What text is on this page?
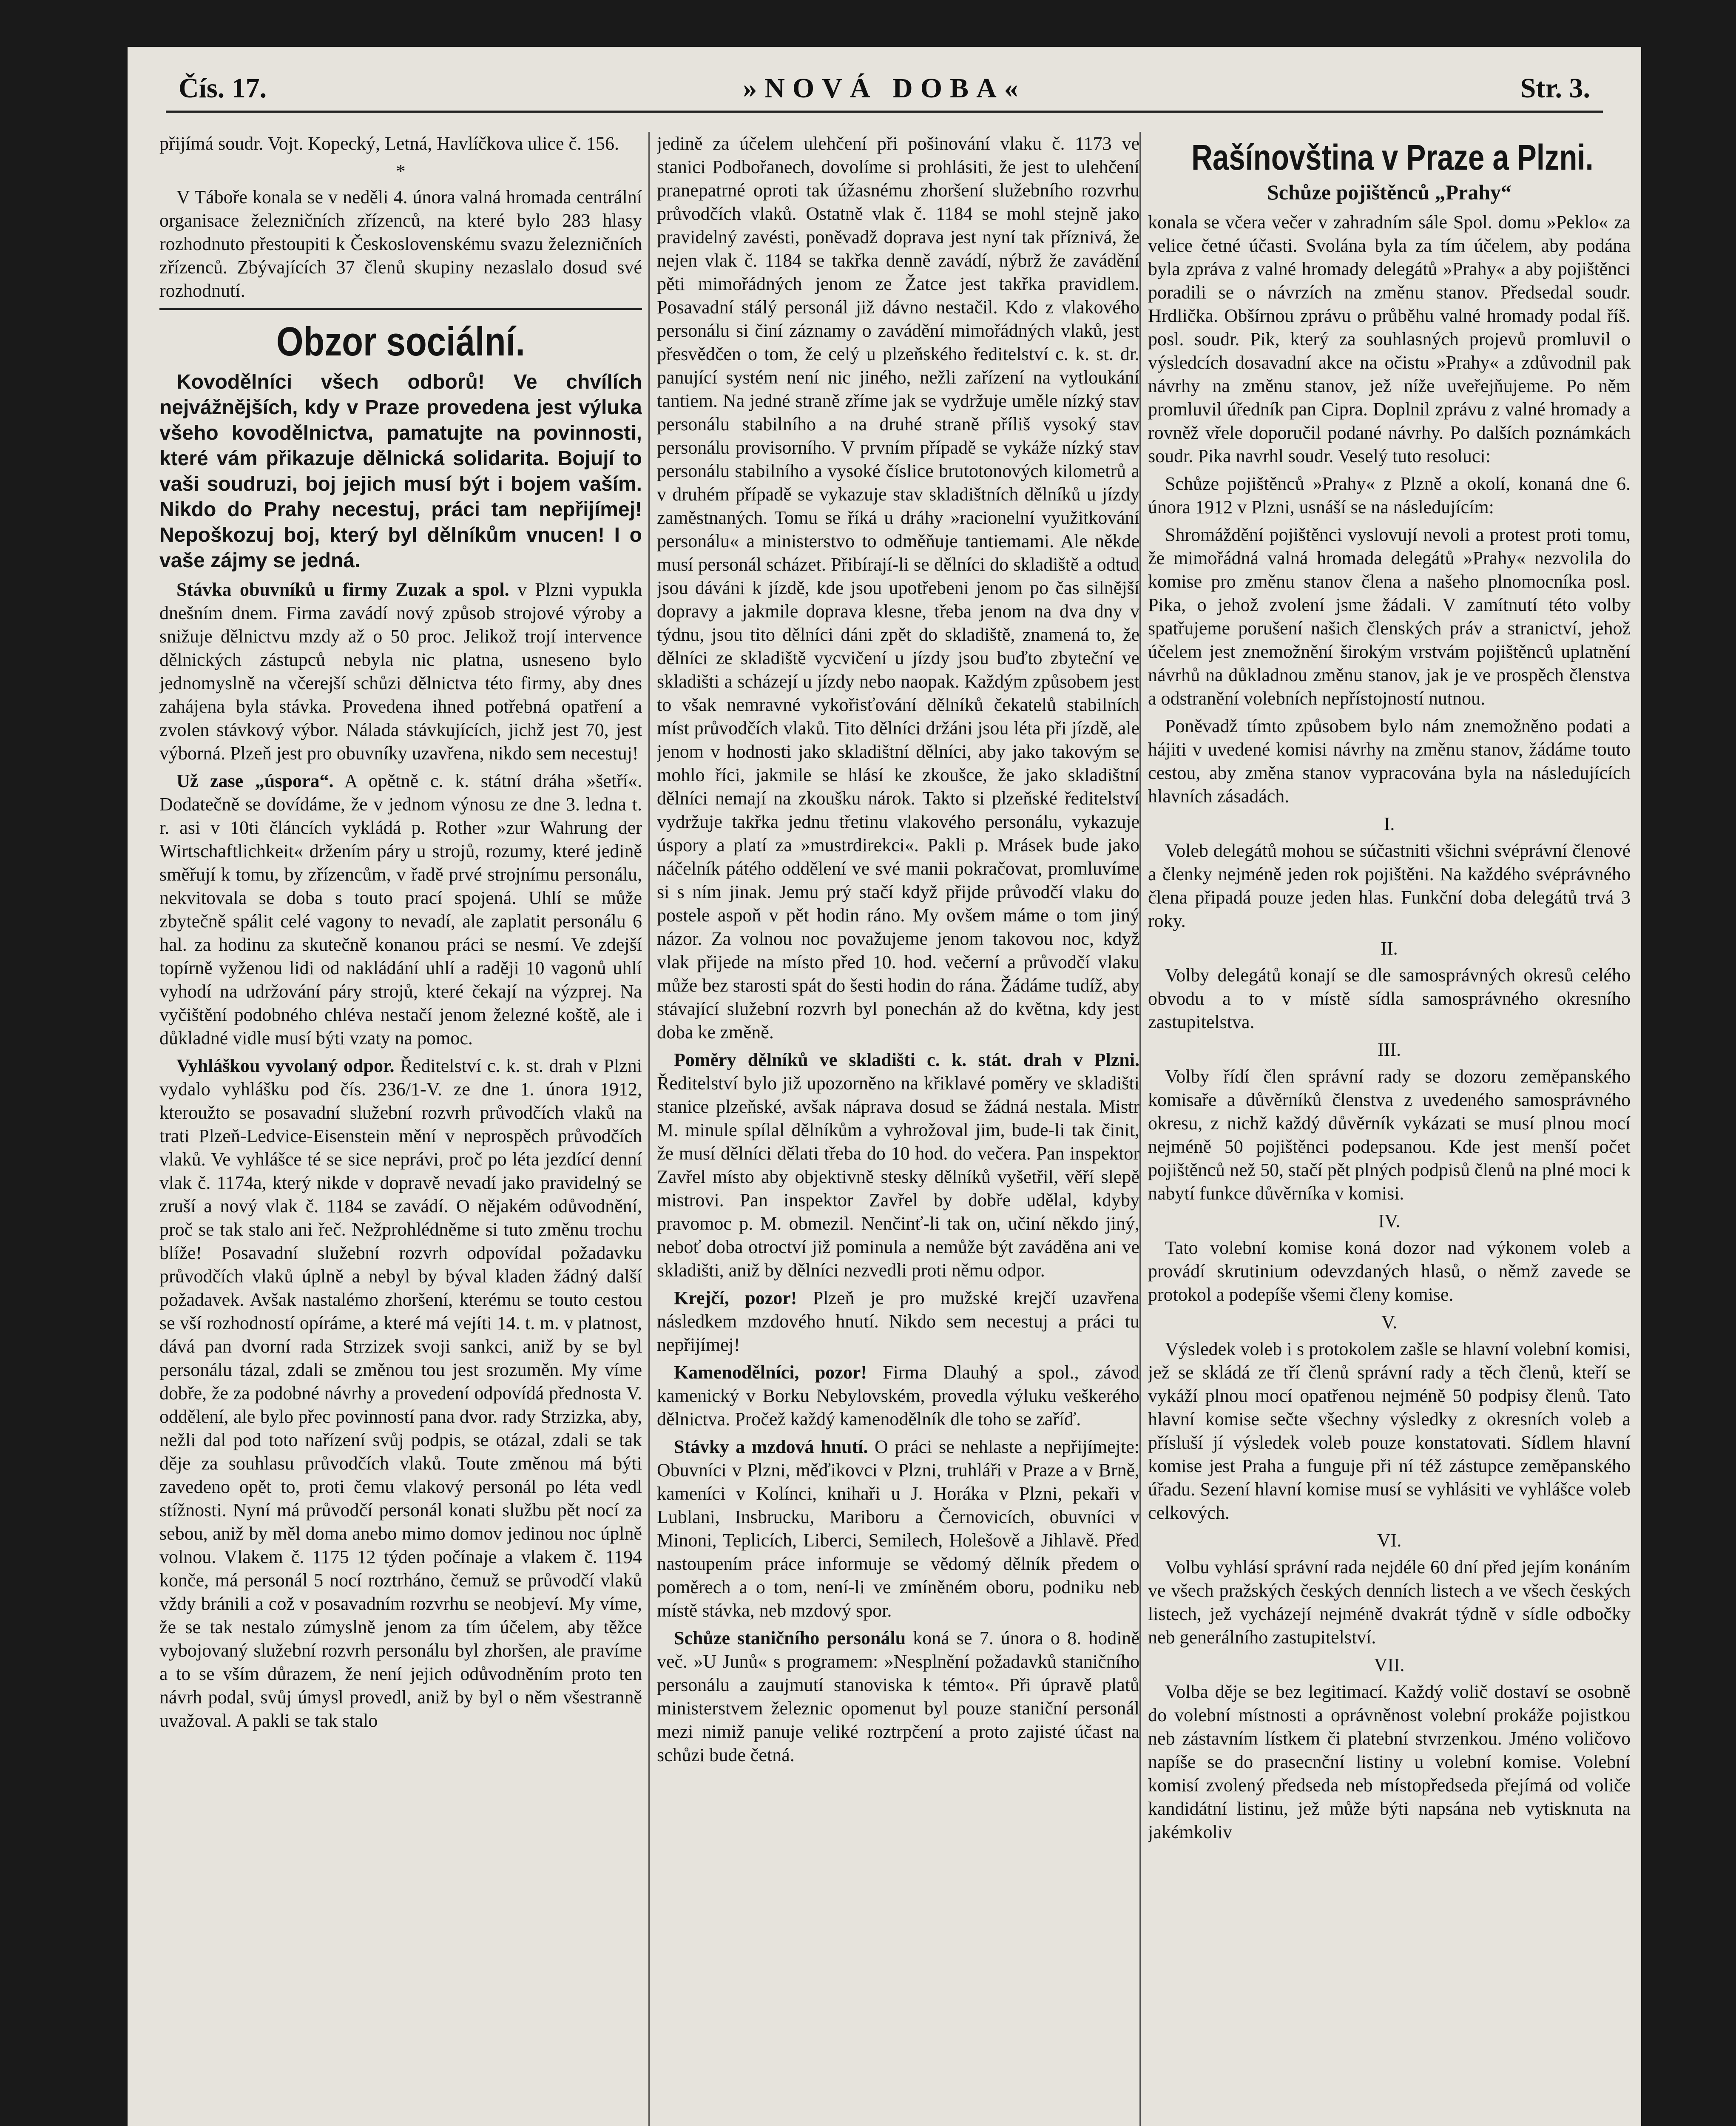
Čís. 17.	»NOVÁ DOBA«	Str. 3.

přijímá soudr. Vojt. Kopecký, Letná, Havlíčkova ulice č. 156.

*

V Táboře konala se v neděli 4. února valná hromada centrální organisace železničních zřízenců, na které bylo 283 hlasy rozhodnuto přestoupiti k Československému svazu železničních zřízenců. Zbývajících 37 členů skupiny nezaslalo dosud své rozhodnutí.

Obzor sociální.

Kovodělníci všech odborů! Ve chvílích nejvážnějších, kdy v Praze provedena jest výluka všeho kovodělnictva, pamatujte na povinnosti, které vám přikazuje dělnická solidarita. Bojují to vaši soudruzi, boj jejich musí být i bojem vaším. Nikdo do Prahy necestuj, práci tam nepřijímej! Nepoškozuj boj, který byl dělníkům vnucen! I o vaše zájmy se jedná.

Stávka obuvníků u firmy Zuzak a spol. v Plzni vypukla dnešním dnem. Firma zavádí nový způsob strojové výroby a snižuje dělnictvu mzdy až o 50 proc. Jelikož trojí intervence dělnických zástupců nebyla nic platna, usneseno bylo jednomyslně na včerejší schůzi dělnictva této firmy, aby dnes zahájena byla stávka. Provedena ihned potřebná opatření a zvolen stávkový výbor. Nálada stávkujících, jichž jest 70, jest výborná. Plzeň jest pro obuvníky uzavřena, nikdo sem necestuj!

Už zase „úspora“. A opětně c. k. státní dráha »šetří«. Dodatečně se dovídáme, že v jednom výnosu ze dne 3. ledna t. r. asi v 10ti článcích vykládá p. Rother »zur Wahrung der Wirtschaftlichkeit« držením páry u strojů, rozumy, které jedině směřují k tomu, by zřízencům, v řadě prvé strojnímu personálu, nekvitovala se doba s touto prací spojená. Uhlí se může zbytečně spálit celé vagony to nevadí, ale zaplatit personálu 6 hal. za hodinu za skutečně konanou práci se nesmí. Ve zdejší topírně vyženou lidi od nakládání uhlí a raději 10 vagonů uhlí vyhodí na udržování páry strojů, které čekají na výzprej. Na vyčištění podobného chléva nestačí jenom železné koště, ale i důkladné vidle musí býti vzaty na pomoc.

Vyhláškou vyvolaný odpor. Ředitelství c. k. st. drah v Plzni vydalo vyhlášku pod čís. 236/1-V. ze dne 1. února 1912, kteroužto se posavadní služební rozvrh průvodčích vlaků na trati Plzeň-Ledvice-Eisenstein mění v neprospěch průvodčích vlaků. Ve vyhlášce té se sice neprávi, proč po léta jezdící denní vlak č. 1174a, který nikde v dopravě nevadí jako pravidelný se zruší a nový vlak č. 1184 se zavádí. O nějakém odůvodnění, proč se tak stalo ani řeč. Nežprohlédněme si tuto změnu trochu blíže! Posavadní služební rozvrh odpovídal požadavku průvodčích vlaků úplně a nebyl by býval kladen žádný další požadavek. Avšak nastalémo zhoršení, kterému se touto cestou se vší rozhodností opíráme, a které má vejíti 14. t. m. v platnost, dává pan dvorní rada Strzizek svoji sankci, aniž by se byl personálu tázal, zdali se změnou tou jest srozuměn. My víme dobře, že za podobné návrhy a provedení odpovídá přednosta V. oddělení, ale bylo přec povinností pana dvor. rady Strzizka, aby, nežli dal pod toto nařízení svůj podpis, se otázal, zdali se tak děje za souhlasu průvodčích vlaků. Toute změnou má býti zavedeno opět to, proti čemu vlakový personál po léta vedl stížnosti. Nyní má průvodčí personál konati službu pět nocí za sebou, aniž by měl doma anebo mimo domov jedinou noc úplně volnou. Vlakem č. 1175 12 týden počínaje a vlakem č. 1194 konče, má personál 5 nocí roztrháno, čemuž se průvodčí vlaků vždy bránili a což v posavadním rozvrhu se neobjeví. My víme, že se tak nestalo zúmyslně jenom za tím účelem, aby těžce vybojovaný služební rozvrh personálu byl zhoršen, ale pravíme a to se vším důrazem, že není jejich odůvodněním proto ten návrh podal, svůj úmysl provedl, aniž by byl o něm všestranně uvažoval. A pakli se tak stalo

jedině za účelem ulehčení při pošinování vlaku č. 1173 ve stanici Podbořanech, dovolíme si prohlásiti, že jest to ulehčení pranepatrné oproti tak úžasnému zhoršení služebního rozvrhu průvodčích vlaků. Ostatně vlak č. 1184 se mohl stejně jako pravidelný zavésti, poněvadž doprava jest nyní tak příznivá, že nejen vlak č. 1184 se takřka denně zavádí, nýbrž že zavádění pěti mimořádných jenom ze Žatce jest takřka pravidlem. Posavadní stálý personál již dávno nestačil. Kdo z vlakového personálu si činí záznamy o zavádění mimořádných vlaků, jest přesvědčen o tom, že celý u plzeňského ředitelství c. k. st. dr. panující systém není nic jiného, nežli zařízení na vytloukání tantiem. Na jedné straně zříme jak se vydržuje uměle nízký stav personálu stabilního a na druhé straně příliš vysoký stav personálu provisorního. V prvním případě se vykáže nízký stav personálu stabilního a vysoké číslice brutotonových kilometrů a v druhém případě se vykazuje stav skladištních dělníků u jízdy zaměstnaných. Tomu se říká u dráhy »racionelní využitkování personálu« a ministerstvo to odměňuje tantiemami. Ale někde musí personál scházet. Přibírají-li se dělníci do skladiště a odtud jsou dáváni k jízdě, kde jsou upotřebeni jenom po čas silnější dopravy a jakmile doprava klesne, třeba jenom na dva dny v týdnu, jsou tito dělníci dáni zpět do skladiště, znamená to, že dělníci ze skladiště vycvičení u jízdy jsou buďto zbyteční ve skladišti a scházejí u jízdy nebo naopak. Každým způsobem jest to však nemravné vykořisťování dělníků čekatelů stabilních míst průvodčích vlaků. Tito dělníci držáni jsou léta při jízdě, ale jenom v hodnosti jako skladištní dělníci, aby jako takovým se mohlo říci, jakmile se hlásí ke zkoušce, že jako skladištní dělníci nemají na zkoušku nárok. Takto si plzeňské ředitelství vydržuje takřka jednu třetinu vlakového personálu, vykazuje úspory a platí za »mustrdirekci«. Pakli p. Mrásek bude jako náčelník pátého oddělení ve své manii pokračovat, promluvíme si s ním jinak. Jemu prý stačí když přijde průvodčí vlaku do postele aspoň v pět hodin ráno. My ovšem máme o tom jiný názor. Za volnou noc považujeme jenom takovou noc, když vlak přijede na místo před 10. hod. večerní a průvodčí vlaku může bez starosti spát do šesti hodin do rána. Žádáme tudíž, aby stávající služební rozvrh byl ponechán až do května, kdy jest doba ke změně.

Poměry dělníků ve skladišti c. k. stát. drah v Plzni. Ředitelství bylo již upozorněno na křiklavé poměry ve skladišti stanice plzeňské, avšak náprava dosud se žádná nestala. Mistr M. minule spílal dělníkům a vyhrožoval jim, bude-li tak činit, že musí dělníci dělati třeba do 10 hod. do večera. Pan inspektor Zavřel místo aby objektivně stesky dělníků vyšetřil, věří slepě mistrovi. Pan inspektor Zavřel by dobře udělal, kdyby pravomoc p. M. obmezil. Nenčinť-li tak on, učiní někdo jiný, neboť doba otroctví již pominula a nemůže být zaváděna ani ve skladišti, aniž by dělníci nezvedli proti němu odpor.

Krejčí, pozor! Plzeň je pro mužské krejčí uzavřena následkem mzdového hnutí. Nikdo sem necestuj a práci tu nepřijímej!

Kamenodělníci, pozor! Firma Dlauhý a spol., závod kamenický v Borku Nebylovském, provedla výluku veškerého dělnictva. Pročež každý kamenodělník dle toho se zaříď.

Stávky a mzdová hnutí. O práci se nehlaste a nepřijímejte: Obuvníci v Plzni, měďikovci v Plzni, truhláři v Praze a v Brně, kameníci v Kolínci, knihaři u J. Horáka v Plzni, pekaři v Lublani, Insbrucku, Mariboru a Černovicích, obuvníci v Minoni, Teplicích, Liberci, Semilech, Holešově a Jihlavě. Před nastoupením práce informuje se vědomý dělník předem o poměrech a o tom, není-li ve zmíněném oboru, podniku neb místě stávka, neb mzdový spor.

Schůze staničního personálu koná se 7. února o 8. hodině več. »U Junů« s programem: »Nesplnění požadavků staničního personálu a zaujmutí stanoviska k témto«. Při úpravě platů ministerstvem železnic opomenut byl pouze staniční personál mezi nimiž panuje veliké roztrpčení a proto zajisté účast na schůzi bude četná.

Rašínovština v Praze a Plzni.
Schůze pojištěnců „Prahy“

konala se včera večer v zahradním sále Spol. domu »Peklo« za velice četné účasti. Svolána byla za tím účelem, aby podána byla zpráva z valné hromady delegátů »Prahy« a aby pojištěnci poradili se o návrzích na změnu stanov. Předsedal soudr. Hrdlička. Obšírnou zprávu o průběhu valné hromady podal říš. posl. soudr. Pik, který za souhlasných projevů promluvil o výsledcích dosavadní akce na očistu »Prahy« a zdůvodnil pak návrhy na změnu stanov, jež níže uveřejňujeme. Po něm promluvil úředník pan Cipra. Doplnil zprávu z valné hromady a rovněž vřele doporučil podané návrhy. Po dalších poznámkách soudr. Pika navrhl soudr. Veselý tuto resoluci:

Schůze pojištěnců »Prahy« z Plzně a okolí, konaná dne 6. února 1912 v Plzni, usnáší se na následujícím:

Shromáždění pojištěnci vyslovují nevoli a protest proti tomu, že mimořádná valná hromada delegátů »Prahy« nezvolila do komise pro změnu stanov člena a našeho plnomocníka posl. Pika, o jehož zvolení jsme žádali. V zamítnutí této volby spatřujeme porušení našich členských práv a stranictví, jehož účelem jest znemožnění širokým vrstvám pojištěnců uplatnění návrhů na důkladnou změnu stanov, jak je ve prospěch členstva a odstranění volebních nepřístojností nutnou.

Poněvadž tímto způsobem bylo nám znemožněno podati a hájiti v uvedené komisi návrhy na změnu stanov, žádáme touto cestou, aby změna stanov vypracována byla na následujících hlavních zásadách.

I.

Voleb delegátů mohou se súčastniti všichni svéprávní členové a členky nejméně jeden rok pojištěni. Na každého svéprávného člena připadá pouze jeden hlas. Funkční doba delegátů trvá 3 roky.

II.

Volby delegátů konají se dle samosprávných okresů celého obvodu a to v místě sídla samosprávného okresního zastupitelstva.

III.

Volby řídí člen správní rady se dozoru zeměpanského komisaře a důvěrníků členstva z uvedeného samosprávného okresu, z nichž každý důvěrník vykázati se musí plnou mocí nejméně 50 pojištěnci podepsanou. Kde jest menší počet pojištěnců než 50, stačí pět plných podpisů členů na plné moci k nabytí funkce důvěrníka v komisi.

IV.

Tato volební komise koná dozor nad výkonem voleb a provádí skrutinium odevzdaných hlasů, o němž zavede se protokol a podepíše všemi členy komise.

V.

Výsledek voleb i s protokolem zašle se hlavní volební komisi, jež se skládá ze tří členů správní rady a těch členů, kteří se vykáží plnou mocí opatřenou nejméně 50 podpisy členů. Tato hlavní komise sečte všechny výsledky z okresních voleb a přísluší jí výsledek voleb pouze konstatovati. Sídlem hlavní komise jest Praha a funguje při ní též zástupce zeměpanského úřadu. Sezení hlavní komise musí se vyhlásiti ve vyhlášce voleb celkových.

VI.

Volbu vyhlásí správní rada nejdéle 60 dní před jejím konáním ve všech pražských českých denních listech a ve všech českých listech, jež vycházejí nejméně dvakrát týdně v sídle odbočky neb generálního zastupitelství.

VII.

Volba děje se bez legitimací. Každý volič dostaví se osobně do volební místnosti a oprávněnost volební prokáže pojistkou neb zástavním lístkem či platební stvrzenkou. Jméno voličovo napíše se do prasecnční listiny u volební komise. Volební komisí zvolený předseda neb místopředseda přejímá od voliče kandidátní listinu, jež může býti napsána neb vytisknuta na jakémkoliv
